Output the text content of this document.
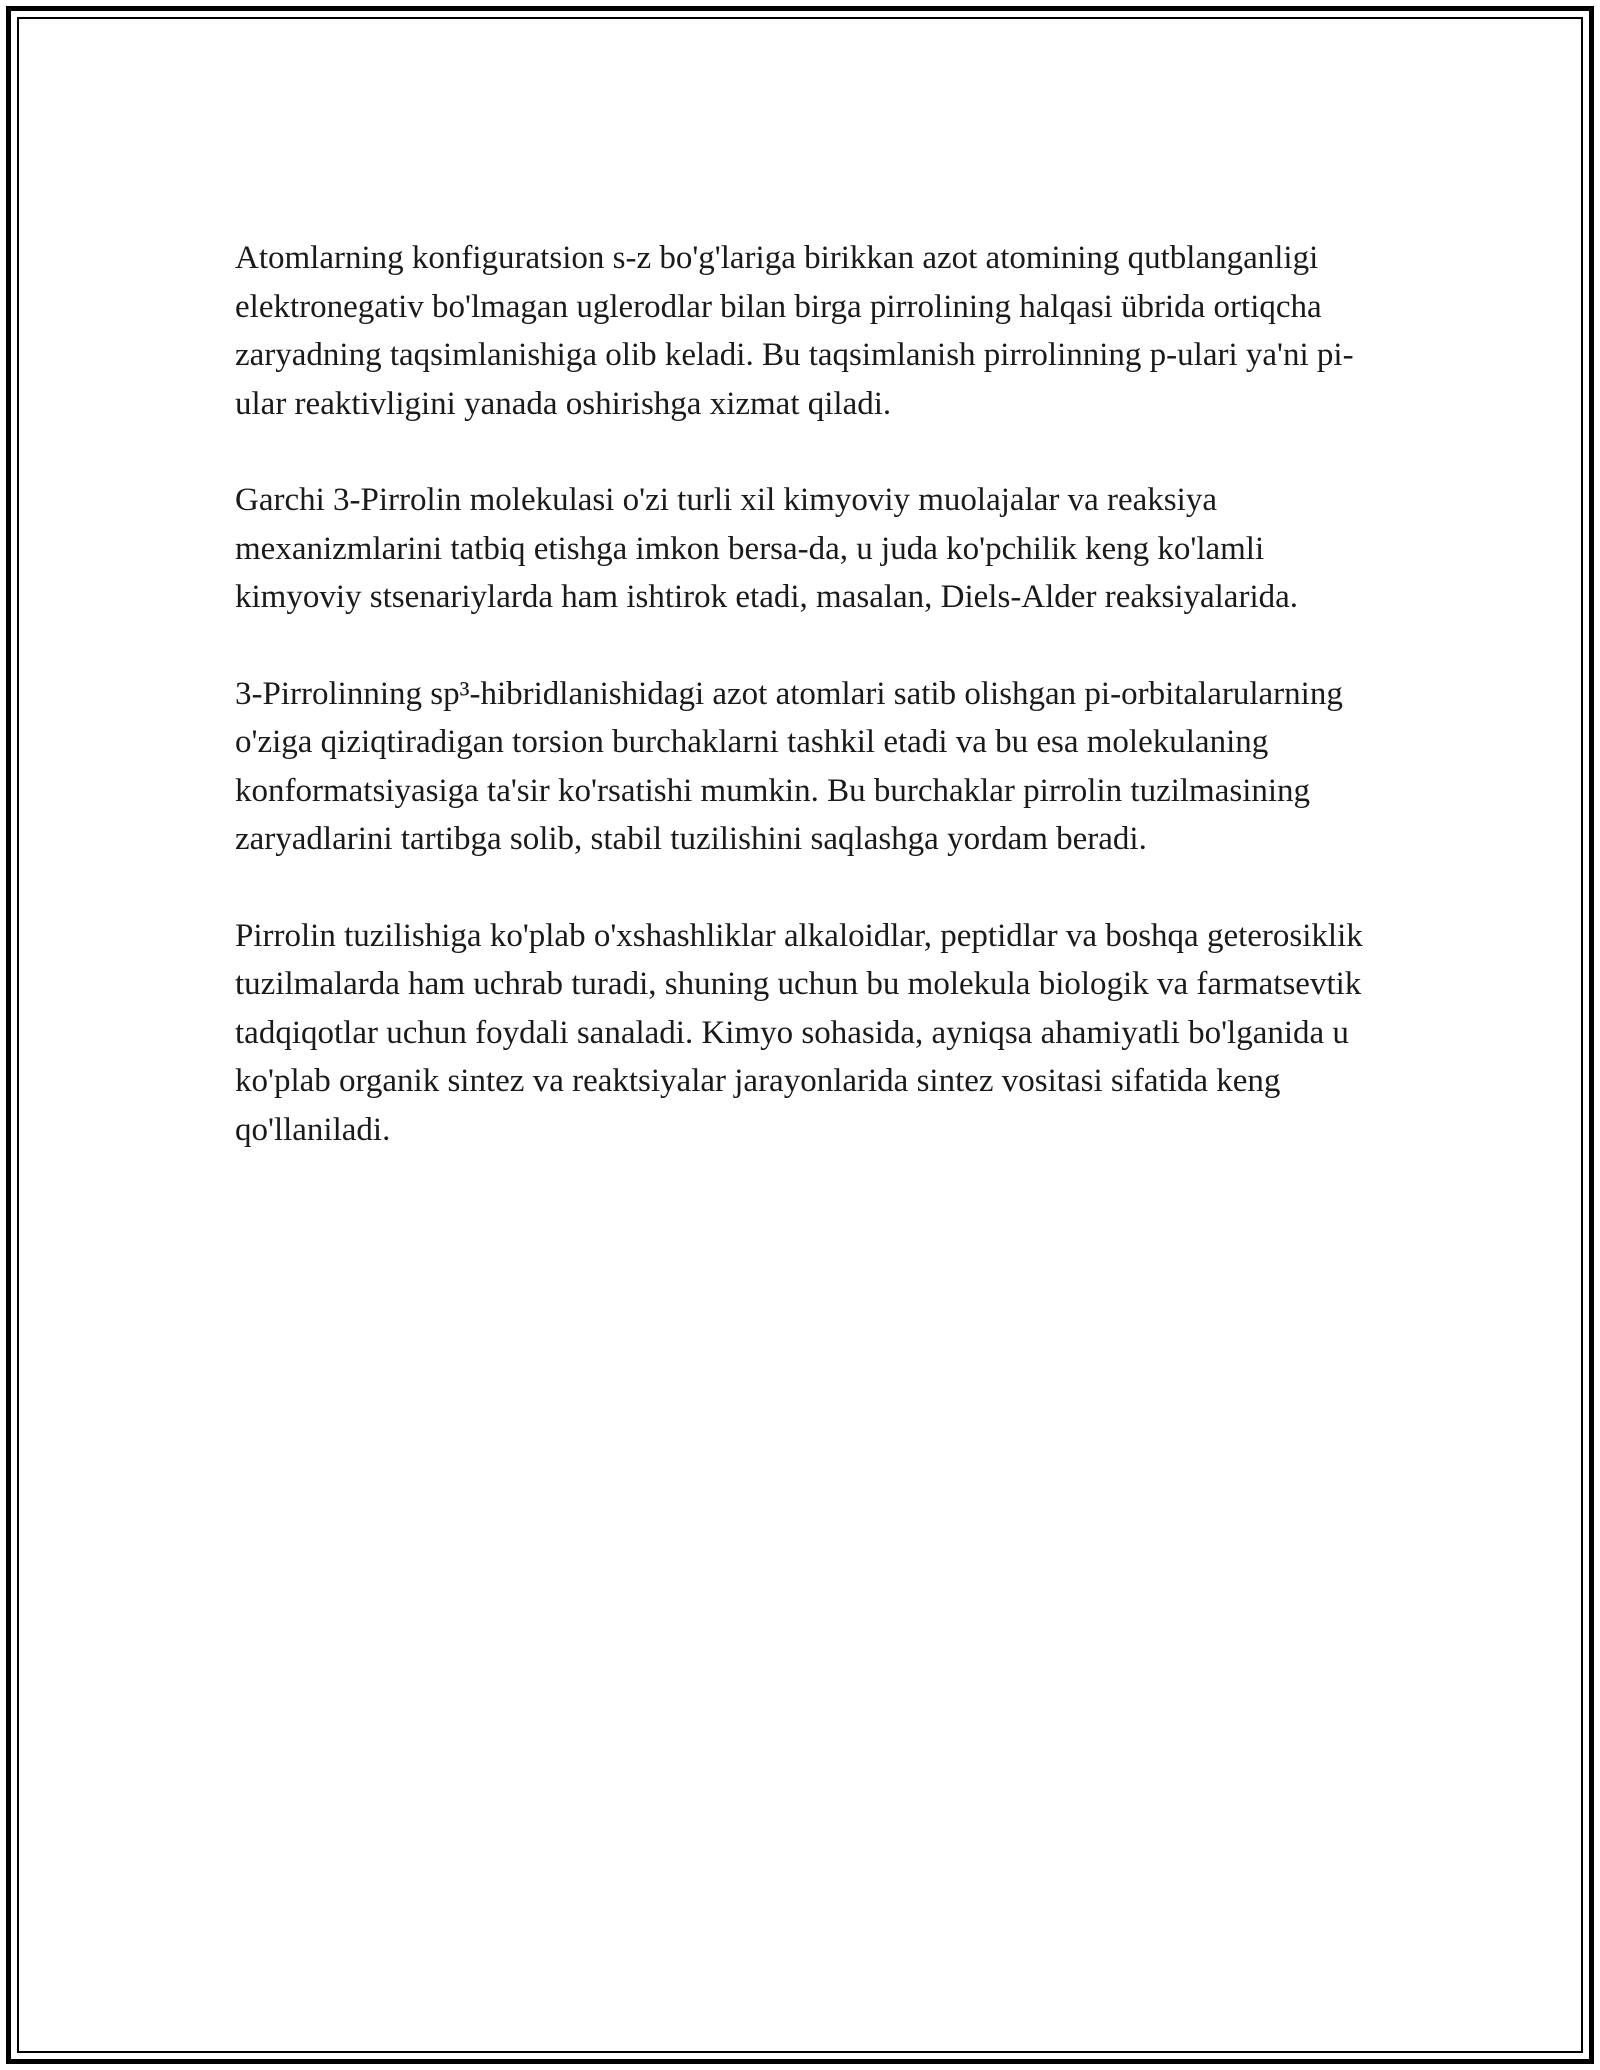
Atomlarning konfiguratsion s-z bo'g'lariga birikkan azot atomining qutblanganligi elektronegativ bo'lmagan uglerodlar bilan birga pirrolining halqasi übrida ortiqcha zaryadning taqsimlanishiga olib keladi. Bu taqsimlanish pirrolinning p-ulari ya'ni pi-ular reaktivligini yanada oshirishga xizmat qiladi.

Garchi 3-Pirrolin molekulasi o'zi turli xil kimyoviy muolajalar va reaksiya mexanizmlarini tatbiq etishga imkon bersa-da, u juda ko'pchilik keng ko'lamli kimyoviy stsenariylarda ham ishtirok etadi, masalan, Diels-Alder reaksiyalarida.

3-Pirrolinning sp³-hibridlanishidagi azot atomlari satib olishgan pi-orbitalarularning o'ziga qiziqtiradigan torsion burchaklarni tashkil etadi va bu esa molekulaning konformatsiyasiga ta'sir ko'rsatishi mumkin. Bu burchaklar pirrolin tuzilmasining zaryadlarini tartibga solib, stabil tuzilishini saqlashga yordam beradi.

Pirrolin tuzilishiga ko'plab o'xshashliklar alkaloidlar, peptidlar va boshqa geterosiklik tuzilmalarda ham uchrab turadi, shuning uchun bu molekula biologik va farmatsevtik tadqiqotlar uchun foydali sanaladi. Kimyo sohasida, ayniqsa ahamiyatli bo'lganida u ko'plab organik sintez va reaktsiyalar jarayonlarida sintez vositasi sifatida keng qo'llaniladi.
